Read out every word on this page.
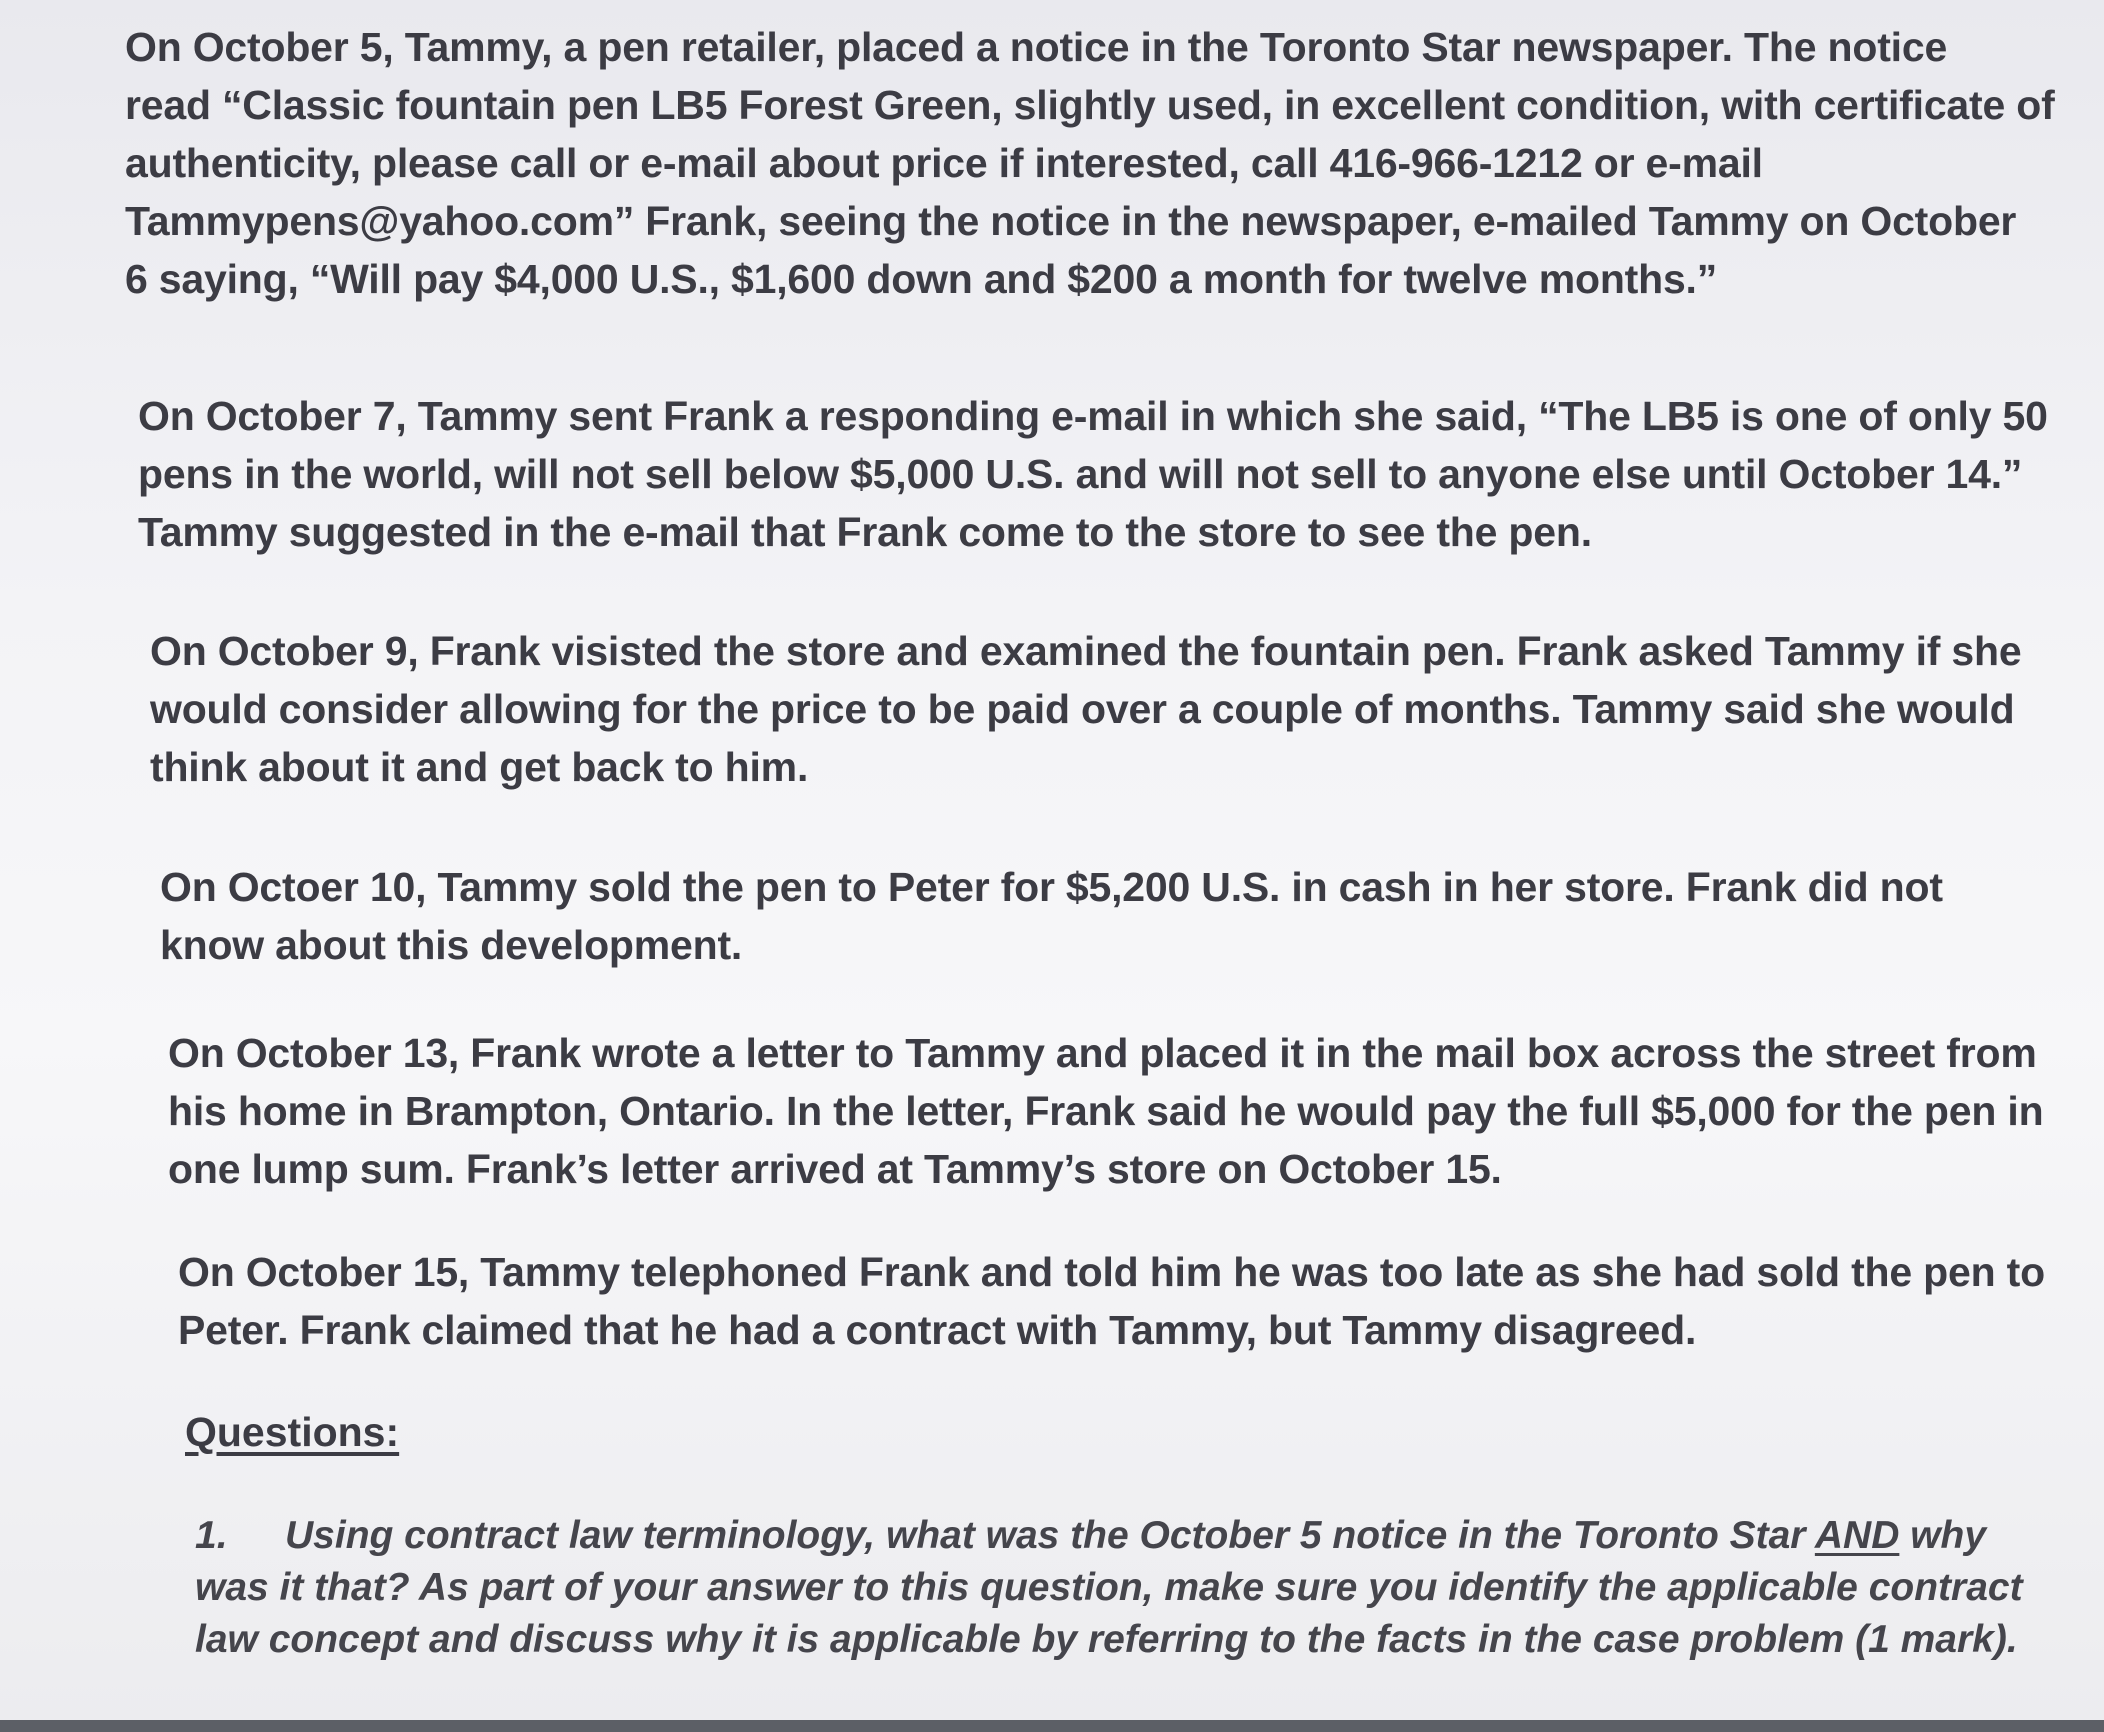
On October 5, Tammy, a pen retailer, placed a notice in the Toronto Star newspaper. The notice
read “Classic fountain pen LB5 Forest Green, slightly used, in excellent condition, with certificate of
authenticity, please call or e-mail about price if interested, call 416-966-1212 or e-mail
Tammypens@yahoo.com” Frank, seeing the notice in the newspaper, e-mailed Tammy on October
6 saying, “Will pay $4,000 U.S., $1,600 down and $200 a month for twelve months.”
On October 7, Tammy sent Frank a responding e-mail in which she said, “The LB5 is one of only 50
pens in the world, will not sell below $5,000 U.S. and will not sell to anyone else until October 14.”
Tammy suggested in the e-mail that Frank come to the store to see the pen.
On October 9, Frank visisted the store and examined the fountain pen. Frank asked Tammy if she
would consider allowing for the price to be paid over a couple of months. Tammy said she would
think about it and get back to him.
On Octoer 10, Tammy sold the pen to Peter for $5,200 U.S. in cash in her store. Frank did not
know about this development.
On October 13, Frank wrote a letter to Tammy and placed it in the mail box across the street from
his home in Brampton, Ontario. In the letter, Frank said he would pay the full $5,000 for the pen in
one lump sum. Frank’s letter arrived at Tammy’s store on October 15.
On October 15, Tammy telephoned Frank and told him he was too late as she had sold the pen to
Peter. Frank claimed that he had a contract with Tammy, but Tammy disagreed.
Questions:
1. Using contract law terminology, what was the October 5 notice in the Toronto Star AND why
was it that? As part of your answer to this question, make sure you identify the applicable contract
law concept and discuss why it is applicable by referring to the facts in the case problem (1 mark).
